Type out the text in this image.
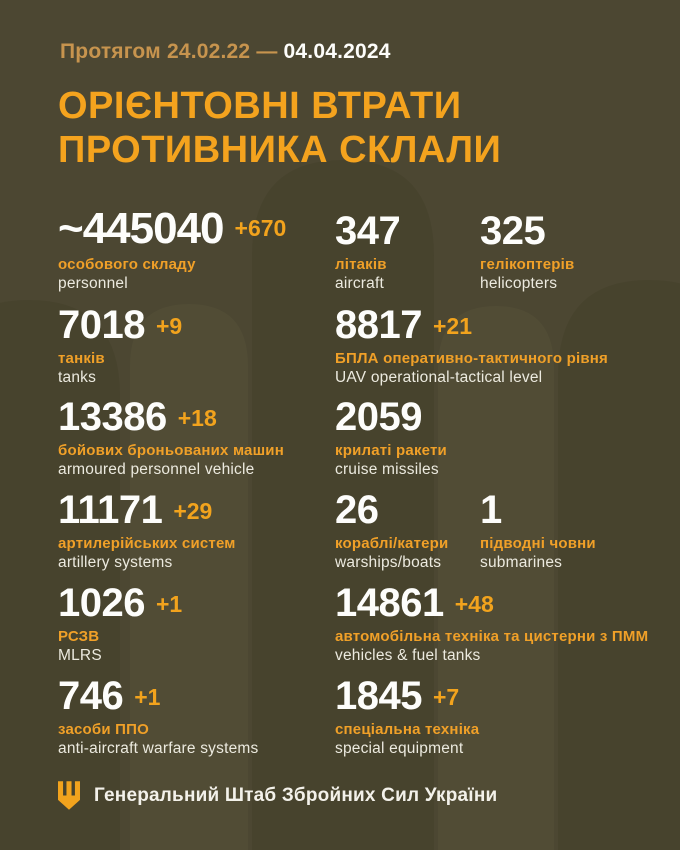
Протягом 24.02.22 — 04.04.2024
ОРІЄНТОВНІ ВТРАТИ
ПРОТИВНИКА СКЛАЛИ
~445040 +670
особового складу
personnel
347
літаків
aircraft
325
гелікоптерів
helicopters
7018 +9
танків
tanks
8817 +21
БПЛА оперативно-тактичного рівня
UAV operational-tactical level
13386 +18
бойових броньованих машин
armoured personnel vehicle
2059
крилаті ракети
cruise missiles
11171 +29
артилерійських систем
artillery systems
26
кораблі/катери
warships/boats
1
підводні човни
submarines
1026 +1
РСЗВ
MLRS
14861 +48
автомобільна техніка та цистерни з ПММ
vehicles & fuel tanks
746 +1
засоби ППО
anti-aircraft warfare systems
1845 +7
спеціальна техніка
special equipment
Генеральний Штаб Збройних Сил України
